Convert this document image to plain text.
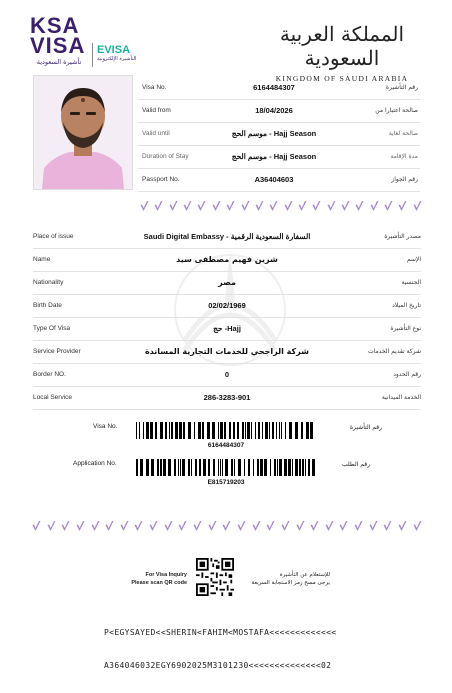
KSA
VISA
تأشيرة السعودية
EVISA
التأشيرة الإلكترونية
المملكة العربية السعودية
KINGDOM OF SAUDI ARABIA
Visa No.	6164484307	رقم التأشيرة
Valid from	18/04/2026	صالحة اعتبارا من
Valid until	موسم الحج - Hajj Season	صالحة لغاية
Duration of Stay	موسم الحج - Hajj Season	مدة الإقامة
Passport No.	A36404603	رقم الجواز
Place of issue	Saudi Digital Embassy - السفارة السعودية الرقمية	مصدر التأشيرة
Name	شرين فهيم مصطفى سيد	الإسم
Nationality	مصر	الجنسية
Birth Date	02/02/1969	تاريخ الميلاد
Type Of Visa	حج -Hajj	نوع التأشيرة
Service Provider	شركة الراجحي للخدمات التجارية المساندة	شركة تقديم الخدمات
Border NO.	0	رقم الحدود
Local Service	286-3283-901	الخدمة الميدانية
Visa No.
6164484307
رقم التأشيرة
Application No.
E815719203
رقم الطلب
For Visa Inquiry
Please scan QR code
للإستعلام عن التأشيرة
يرجى مسح رمز الاستجابة السريعة

P<EGYSAYED<<SHERIN<FAHIM<MOSTAFA<<<<<<<<<<<<<

A364046032EGY6902025M3101230<<<<<<<<<<<<<<02
